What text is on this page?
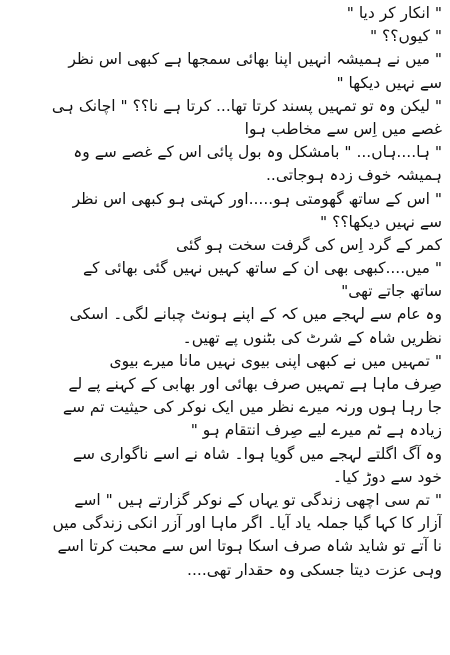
" انکار کر دیا "
" کیوں؟؟ "
" میں نے ہمیشہ انہیں اپنا بھائی سمجھا ہے کبھی اس نظر
سے نہیں دیکھا "
" لیکن وہ تو تمہیں پسند کرتا تھا... کرتا ہے نا؟؟ " اچانک ہی
غصے میں اِس سے مخاطب ہوا
" ہا....ہاں... " بامشکل وہ بول پائی اس کے غصے سے وہ
ہمیشہ خوف زدہ ہوجاتی..
" اس کے ساتھ گھومتی ہو.....اور کہتی ہو کبھی اس نظر
سے نہیں دیکھا؟؟ "
کمر کے گرد اِس کی گرفت سخت ہو گئی
" میں....کبھی بھی ان کے ساتھ کہیں نہیں گئی بھائی کے
ساتھ جاتے تھی"
وہ عام سے لہجے میں کہ کے اپنے ہونٹ چبانے لگی۔ اسکی
نظریں شاہ کے شرٹ کی بٹنوں پے تھیں۔
" تمہیں میں نے کبھی اپنی بیوی نہیں مانا میرے بیوی
صِرف ماہا ہے تمہیں صرف بھائی اور بھابی کے کہنے پے لے
جا رہا ہوں ورنہ میرے نظر میں ایک نوکر کی حیثیت تم سے
زیادہ ہے ٹم میرے لیے صِرف انتقام ہو "
وہ آگ اگلتے لہجے میں گویا ہوا۔ شاہ نے اسے ناگواری سے
خود سے دوڑ کیا۔
" تم سی اچھی زندگی تو یہاں کے نوکر گزارتے ہیں " اسے
آزار کا کہا گیا جملہ یاد آیا۔ اگر ماہا اور آزر انکی زندگی میں
نا آتے تو شاید شاہ صرف اسکا ہوتا اس سے محبت کرتا اسے
وہی عزت دیتا جسکی وہ حقدار تھی....
